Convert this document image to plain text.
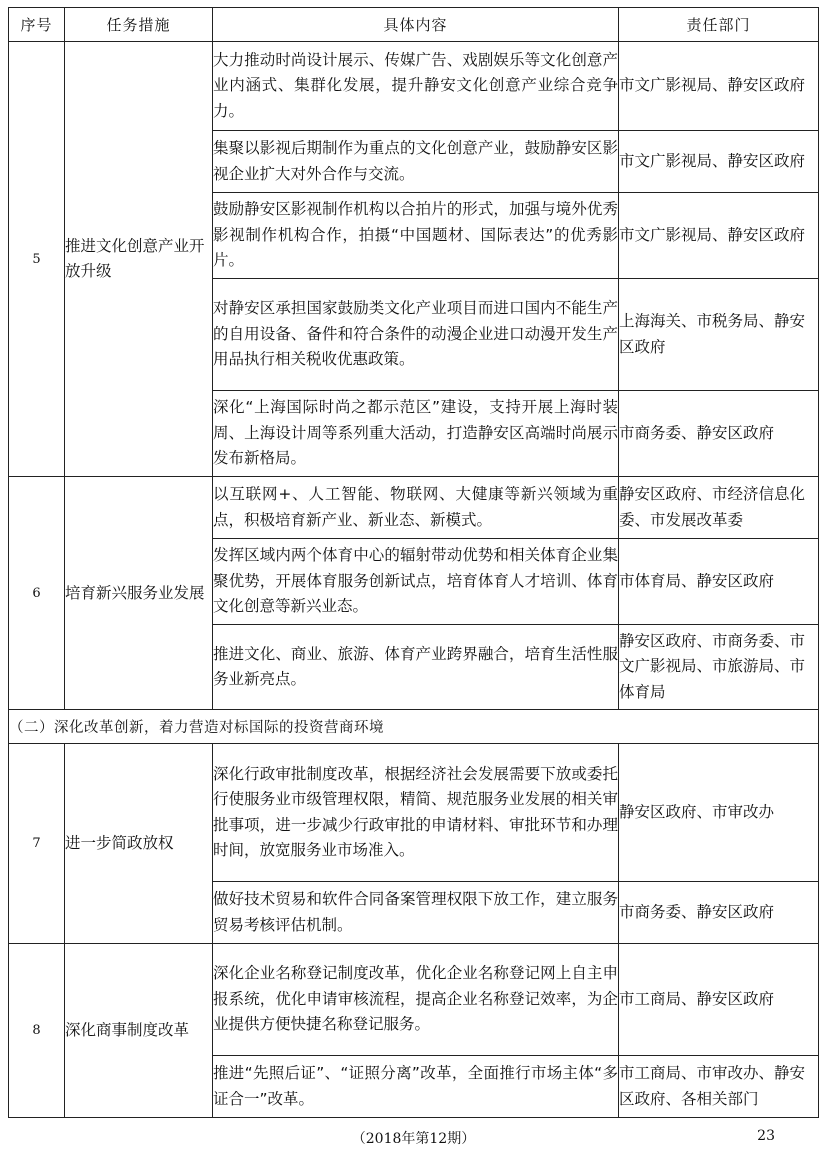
序号	任务措施	具体内容	责任部门
5	推进文化创意产业开放升级	大力推动时尚设计展示、传媒广告、戏剧娱乐等文化创意产业内涵式、集群化发展，提升静安文化创意产业综合竞争力。	市文广影视局、静安区政府
		集聚以影视后期制作为重点的文化创意产业，鼓励静安区影视企业扩大对外合作与交流。	市文广影视局、静安区政府
		鼓励静安区影视制作机构以合拍片的形式，加强与境外优秀影视制作机构合作，拍摄“中国题材、国际表达”的优秀影片。	市文广影视局、静安区政府
		对静安区承担国家鼓励类文化产业项目而进口国内不能生产的自用设备、备件和符合条件的动漫企业进口动漫开发生产用品执行相关税收优惠政策。	上海海关、市税务局、静安区政府
		深化“上海国际时尚之都示范区”建设，支持开展上海时装周、上海设计周等系列重大活动，打造静安区高端时尚展示发布新格局。	市商务委、静安区政府
6	培育新兴服务业发展	以互联网+、人工智能、物联网、大健康等新兴领域为重点，积极培育新产业、新业态、新模式。	静安区政府、市经济信息化委、市发展改革委
		发挥区域内两个体育中心的辐射带动优势和相关体育企业集聚优势，开展体育服务创新试点，培育体育人才培训、体育文化创意等新兴业态。	市体育局、静安区政府
		推进文化、商业、旅游、体育产业跨界融合，培育生活性服务业新亮点。	静安区政府、市商务委、市文广影视局、市旅游局、市体育局
（二）深化改革创新，着力营造对标国际的投资营商环境			
7	进一步简政放权	深化行政审批制度改革，根据经济社会发展需要下放或委托行使服务业市级管理权限，精简、规范服务业发展的相关审批事项，进一步减少行政审批的申请材料、审批环节和办理时间，放宽服务业市场准入。	静安区政府、市审改办
		做好技术贸易和软件合同备案管理权限下放工作，建立服务贸易考核评估机制。	市商务委、静安区政府
8	深化商事制度改革	深化企业名称登记制度改革，优化企业名称登记网上自主申报系统，优化申请审核流程，提高企业名称登记效率，为企业提供方便快捷名称登记服务。	市工商局、静安区政府
		推进“先照后证”、“证照分离”改革，全面推行市场主体“多证合一”改革。	市工商局、市审改办、静安区政府、各相关部门
（2018年第12期）	23
